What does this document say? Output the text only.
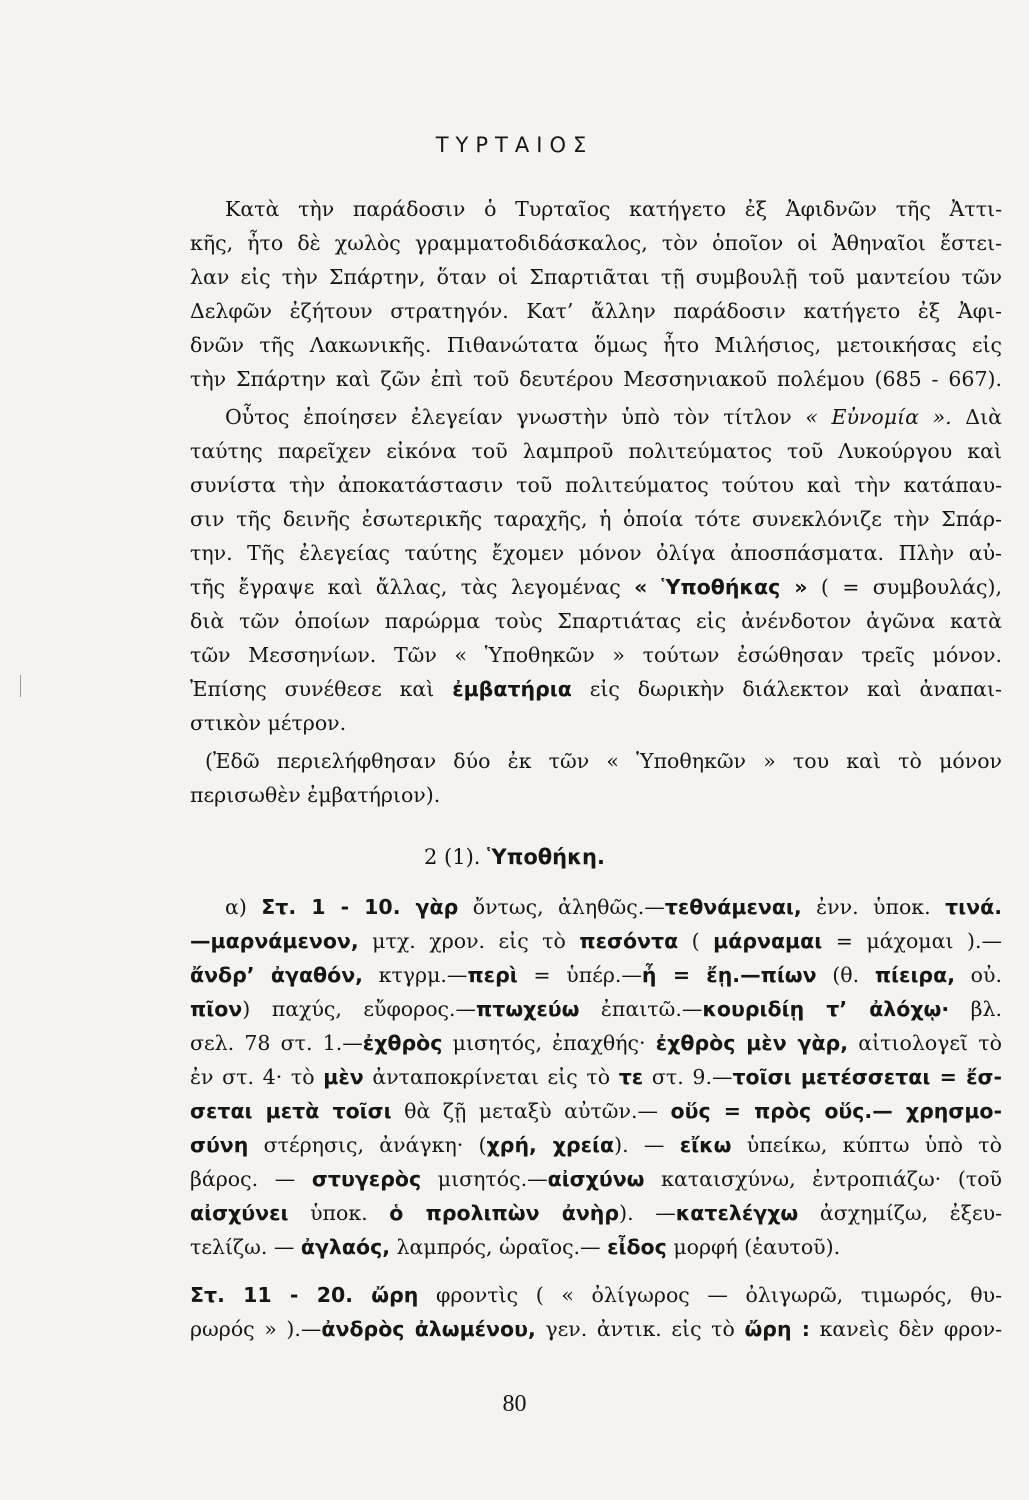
ΤΥΡΤΑΙΟΣ
Κατὰ τὴν παράδοσιν ὁ Τυρταῖος κατήγετο ἐξ Ἀφιδνῶν τῆς Ἀττι-
κῆς, ἦτο δὲ χωλὸς γραμματοδιδάσκαλος, τὸν ὁποῖον οἱ Ἀθηναῖοι ἔστει-
λαν εἰς τὴν Σπάρτην, ὅταν οἱ Σπαρτιᾶται τῇ συμβουλῇ τοῦ μαντείου τῶν
Δελφῶν ἐζήτουν στρατηγόν. Κατ’ ἄλλην παράδοσιν κατήγετο ἐξ Ἀφι-
δνῶν τῆς Λακωνικῆς. Πιθανώτατα ὅμως ἦτο Μιλήσιος, μετοικήσας εἰς
τὴν Σπάρτην καὶ ζῶν ἐπὶ τοῦ δευτέρου Μεσσηνιακοῦ πολέμου (685 - 667).
Οὗτος ἐποίησεν ἐλεγείαν γνωστὴν ὑπὸ τὸν τίτλον « Εὐνομία ». Διὰ
ταύτης παρεῖχεν εἰκόνα τοῦ λαμπροῦ πολιτεύματος τοῦ Λυκούργου καὶ
συνίστα τὴν ἀποκατάστασιν τοῦ πολιτεύματος τούτου καὶ τὴν κατάπαυ-
σιν τῆς δεινῆς ἐσωτερικῆς ταραχῆς, ἡ ὁποία τότε συνεκλόνιζε τὴν Σπάρ-
την. Τῆς ἐλεγείας ταύτης ἔχομεν μόνον ὀλίγα ἀποσπάσματα. Πλὴν αὐ-
τῆς ἔγραψε καὶ ἄλλας, τὰς λεγομένας « Ὑποθήκας » ( = συμβουλάς),
διὰ τῶν ὁποίων παρώρμα τοὺς Σπαρτιάτας εἰς ἀνένδοτον ἀγῶνα κατὰ
τῶν Μεσσηνίων. Τῶν « Ὑποθηκῶν » τούτων ἐσώθησαν τρεῖς μόνον.
Ἐπίσης συνέθεσε καὶ ἐμβατήρια εἰς δωρικὴν διάλεκτον καὶ ἀναπαι-
στικὸν μέτρον.
(Ἐδῶ περιελήφθησαν δύο ἐκ τῶν « Ὑποθηκῶν » του καὶ τὸ μόνον
περισωθὲν ἐμβατήριον).
2 (1). Ὑποθήκη.
α) Στ. 1 - 10. γὰρ ὄντως, ἀληθῶς.—τεθνάμεναι, ἐνν. ὑποκ. τινά.
—μαρνάμενον, μτχ. χρον. εἰς τὸ πεσόντα ( μάρναμαι = μάχομαι ).—
ἄνδρ’ ἀγαθόν, κτγρμ.—περὶ = ὑπέρ.—ἦ = ἔῃ.—πίων (θ. πίειρα, οὐ.
πῖον) παχύς, εὔφορος.—πτωχεύω ἐπαιτῶ.—κουριδίῃ τ’ ἀλόχῳ· βλ.
σελ. 78 στ. 1.—ἐχθρὸς μισητός, ἐπαχθής· ἐχθρὸς μὲν γὰρ, αἰτιολογεῖ τὸ
ἐν στ. 4· τὸ μὲν ἀνταποκρίνεται εἰς τὸ τε στ. 9.—τοῖσι μετέσσεται = ἔσ-
σεται μετὰ τοῖσι θὰ ζῇ μεταξὺ αὐτῶν.— οὕς = πρὸς οὕς.— χρησμο-
σύνη στέρησις, ἀνάγκη· (χρή, χρεία). — εἴκω ὑπείκω, κύπτω ὑπὸ τὸ
βάρος. — στυγερὸς μισητός.—αἰσχύνω καταισχύνω, ἐντροπιάζω· (τοῦ
αἰσχύνει ὑποκ. ὁ προλιπὼν ἀνὴρ). —κατελέγχω ἀσχημίζω, ἐξευ-
τελίζω. — ἀγλαός, λαμπρός, ὡραῖος.— εἶδος μορφή (ἑαυτοῦ).
Στ. 11 - 20. ὤρη φροντὶς ( « ὀλίγωρος — ὀλιγωρῶ, τιμωρός, θυ-
ρωρός » ).—ἀνδρὸς ἀλωμένου, γεν. ἀντικ. εἰς τὸ ὤρη : κανεὶς δὲν φρον-
80
